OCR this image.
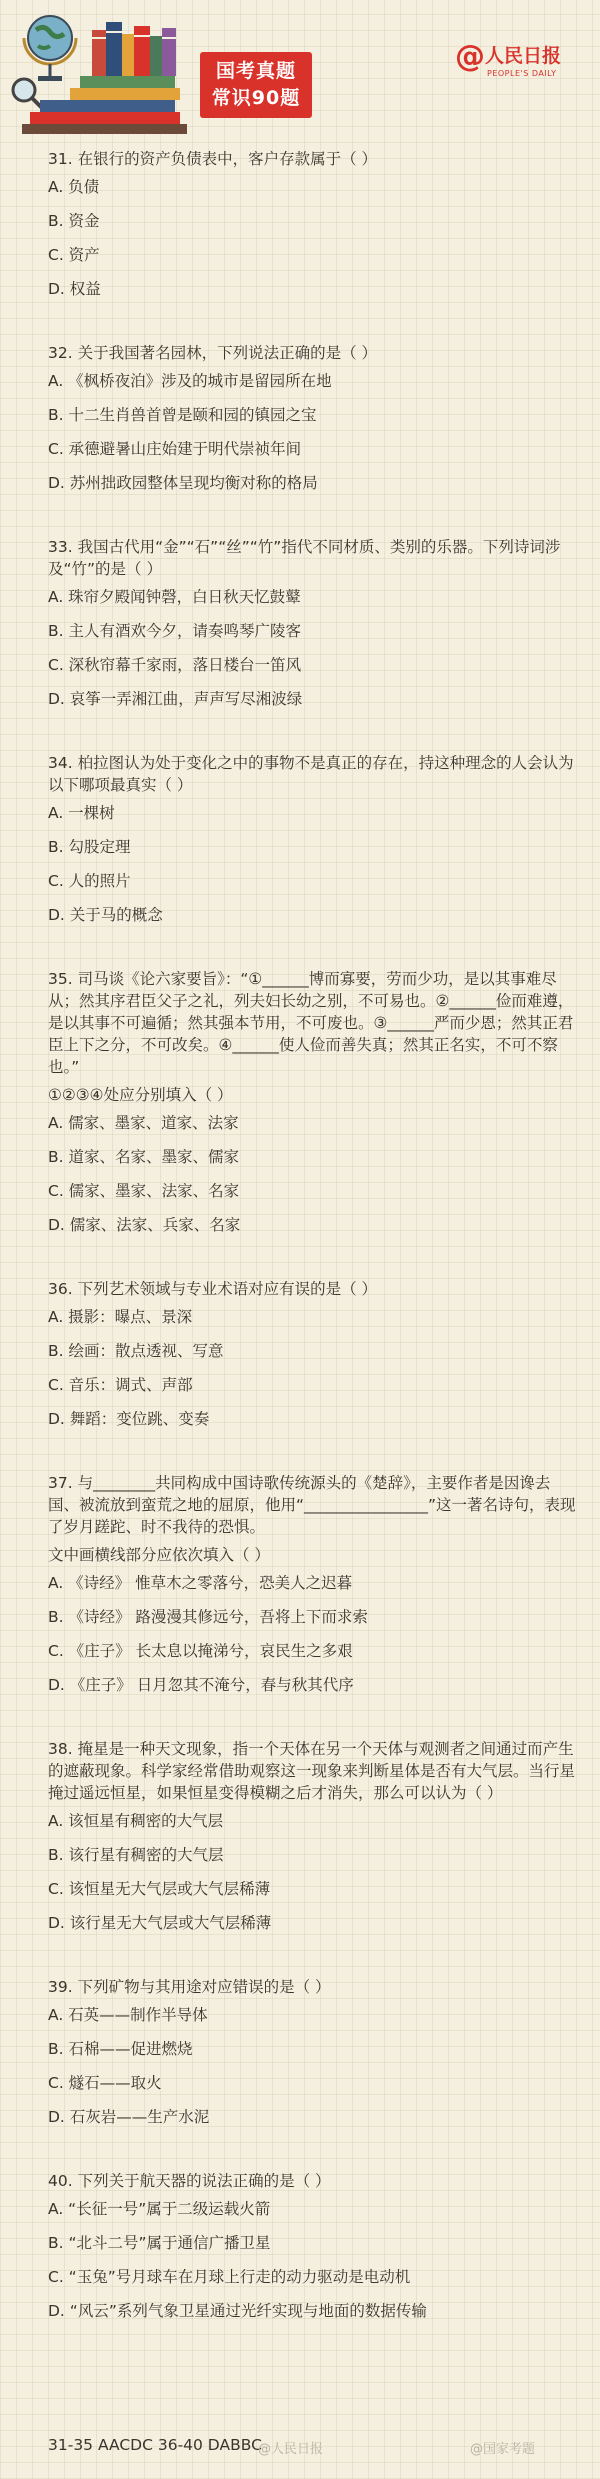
国考真题
常识90题
@ 人民日报
PEOPLE'S DAILY
31. 在银行的资产负债表中，客户存款属于（ ）
A. 负债
B. 资金
C. 资产
D. 权益
32. 关于我国著名园林，下列说法正确的是（ ）
A. 《枫桥夜泊》涉及的城市是留园所在地
B. 十二生肖兽首曾是颐和园的镇园之宝
C. 承德避暑山庄始建于明代崇祯年间
D. 苏州拙政园整体呈现均衡对称的格局
33. 我国古代用“金”“石”“丝”“竹”指代不同材质、类别的乐器。下列诗词涉及“竹”的是（ ）
A. 珠帘夕殿闻钟磬，白日秋天忆鼓鼙
B. 主人有酒欢今夕，请奏鸣琴广陵客
C. 深秋帘幕千家雨，落日楼台一笛风
D. 哀筝一弄湘江曲，声声写尽湘波绿
34. 柏拉图认为处于变化之中的事物不是真正的存在，持这种理念的人会认为以下哪项最真实（ ）
A. 一棵树
B. 勾股定理
C. 人的照片
D. 关于马的概念
35. 司马谈《论六家要旨》：“①______博而寡要，劳而少功，是以其事难尽从；然其序君臣父子之礼，列夫妇长幼之别，不可易也。②______俭而难遵，是以其事不可遍循；然其强本节用，不可废也。③______严而少恩；然其正君臣上下之分，不可改矣。④______使人俭而善失真；然其正名实，不可不察也。”
①②③④处应分别填入（ ）
A. 儒家、墨家、道家、法家
B. 道家、名家、墨家、儒家
C. 儒家、墨家、法家、名家
D. 儒家、法家、兵家、名家
36. 下列艺术领域与专业术语对应有误的是（ ）
A. 摄影：曝点、景深
B. 绘画：散点透视、写意
C. 音乐：调式、声部
D. 舞蹈：变位跳、变奏
37. 与________共同构成中国诗歌传统源头的《楚辞》，主要作者是因谗去国、被流放到蛮荒之地的屈原，他用“________________”这一著名诗句，表现了岁月蹉跎、时不我待的恐惧。
文中画横线部分应依次填入（ ）
A. 《诗经》 惟草木之零落兮，恐美人之迟暮
B. 《诗经》 路漫漫其修远兮，吾将上下而求索
C. 《庄子》 长太息以掩涕兮，哀民生之多艰
D. 《庄子》 日月忽其不淹兮，春与秋其代序
38. 掩星是一种天文现象，指一个天体在另一个天体与观测者之间通过而产生的遮蔽现象。科学家经常借助观察这一现象来判断星体是否有大气层。当行星掩过遥远恒星，如果恒星变得模糊之后才消失，那么可以认为（ ）
A. 该恒星有稠密的大气层
B. 该行星有稠密的大气层
C. 该恒星无大气层或大气层稀薄
D. 该行星无大气层或大气层稀薄
39. 下列矿物与其用途对应错误的是（ ）
A. 石英——制作半导体
B. 石棉——促进燃烧
C. 燧石——取火
D. 石灰岩——生产水泥
40. 下列关于航天器的说法正确的是（ ）
A. “长征一号”属于二级运载火箭
B. “北斗二号”属于通信广播卫星
C. “玉兔”号月球车在月球上行走的动力驱动是电动机
D. “风云”系列气象卫星通过光纤实现与地面的数据传输
31-35 AACDC 36-40 DABBC
@人民日报	@国家考题
